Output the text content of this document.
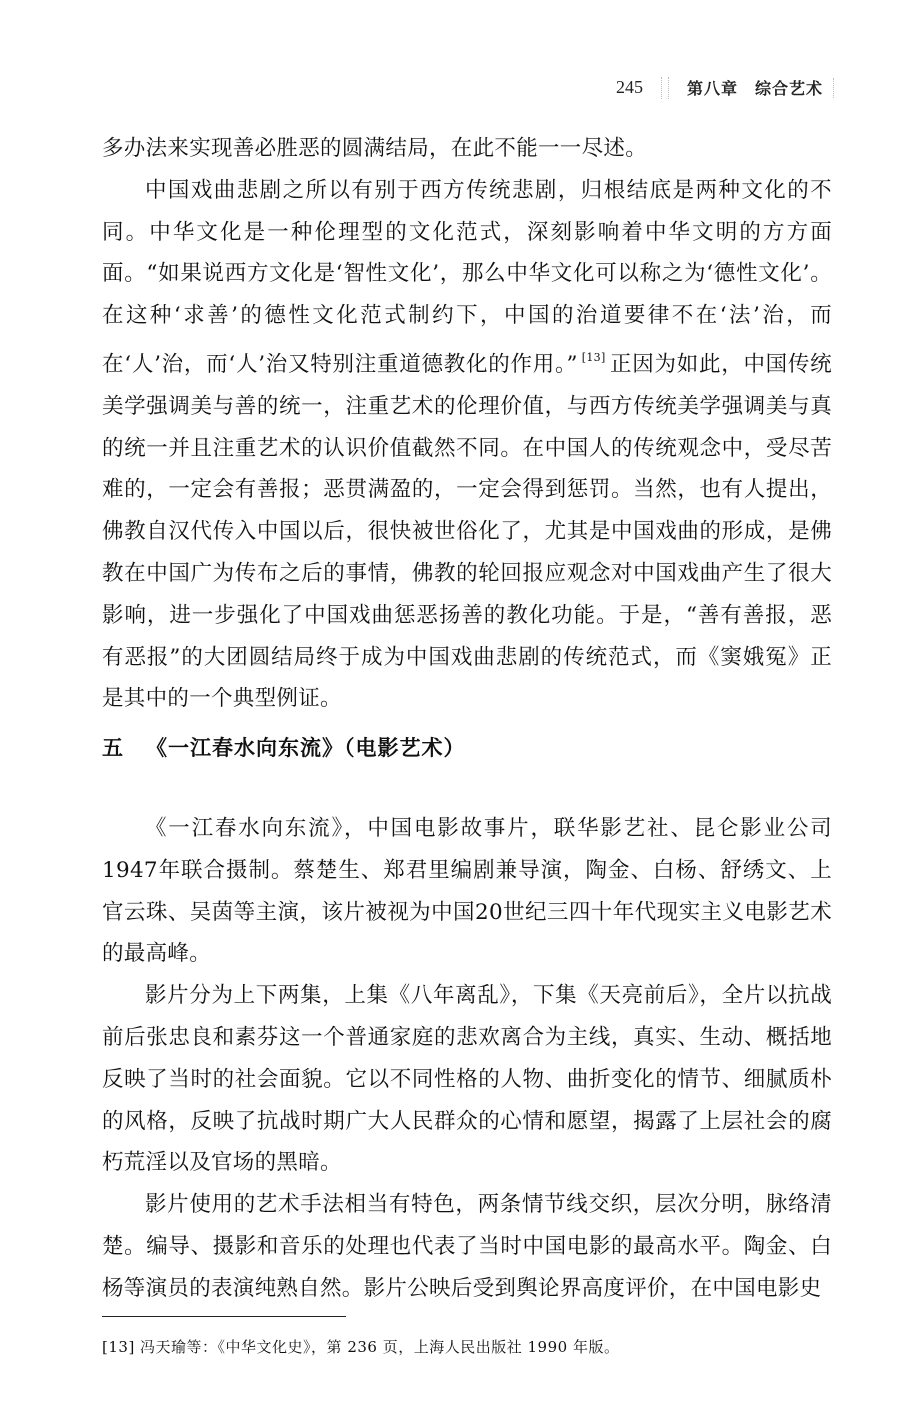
245	第八章　综合艺术

多办法来实现善必胜恶的圆满结局，在此不能一一尽述。

中国戏曲悲剧之所以有别于西方传统悲剧，归根结底是两种文化的不同。中华文化是一种伦理型的文化范式，深刻影响着中华文明的方方面面。“如果说西方文化是‘智性文化’，那么中华文化可以称之为‘德性文化’。在这种‘求善’的德性文化范式制约下，中国的治道要律不在‘法’治，而在‘人’治，而‘人’治又特别注重道德教化的作用。” [13] 正因为如此，中国传统美学强调美与善的统一，注重艺术的伦理价值，与西方传统美学强调美与真的统一并且注重艺术的认识价值截然不同。在中国人的传统观念中，受尽苦难的，一定会有善报；恶贯满盈的，一定会得到惩罚。当然，也有人提出，佛教自汉代传入中国以后，很快被世俗化了，尤其是中国戏曲的形成，是佛教在中国广为传布之后的事情，佛教的轮回报应观念对中国戏曲产生了很大影响，进一步强化了中国戏曲惩恶扬善的教化功能。于是，“善有善报，恶有恶报”的大团圆结局终于成为中国戏曲悲剧的传统范式，而《窦娥冤》正是其中的一个典型例证。

五 《一江春水向东流》（电影艺术）

《一江春水向东流》，中国电影故事片，联华影艺社、昆仑影业公司1947年联合摄制。蔡楚生、郑君里编剧兼导演，陶金、白杨、舒绣文、上官云珠、吴茵等主演，该片被视为中国20世纪三四十年代现实主义电影艺术的最高峰。

影片分为上下两集，上集《八年离乱》，下集《天亮前后》，全片以抗战前后张忠良和素芬这一个普通家庭的悲欢离合为主线，真实、生动、概括地反映了当时的社会面貌。它以不同性格的人物、曲折变化的情节、细腻质朴的风格，反映了抗战时期广大人民群众的心情和愿望，揭露了上层社会的腐朽荒淫以及官场的黑暗。

影片使用的艺术手法相当有特色，两条情节线交织，层次分明，脉络清楚。编导、摄影和音乐的处理也代表了当时中国电影的最高水平。陶金、白杨等演员的表演纯熟自然。影片公映后受到舆论界高度评价，在中国电影史

[13] 冯天瑜等：《中华文化史》，第 236 页，上海人民出版社 1990 年版。
